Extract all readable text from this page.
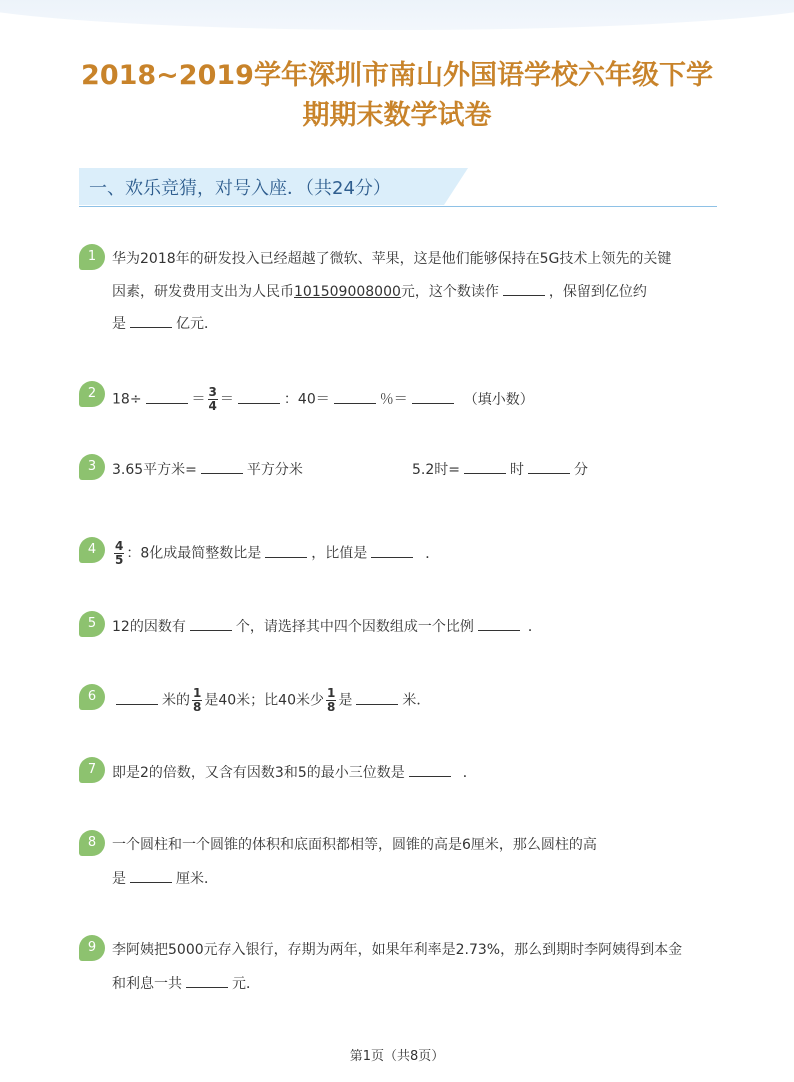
2018~2019学年深圳市南山外国语学校六年级下学
期期末数学试卷
一、欢乐竞猜，对号入座．（共24分）
1	华为2018年的研发投入已经超越了微软、苹果，这是他们能够保持在5G技术上领先的关键
因素，研发费用支出为人民币101509008000元，这个数读作	，保留到亿位约
是	亿元．
2	18÷	＝ $\frac{3}{4}$ ＝	：40＝	％＝	（填小数）
3	3.65平方米=	平方分米	5.2时=	时	分
4	$\frac{4}{5}$ ：8化成最简整数比是	，比值是	．
5	12的因数有	个，请选择其中四个因数组成一个比例	．
6	米的 $\frac{1}{8}$ 是40米；比40米少 $\frac{1}{8}$ 是	米．
7	即是2的倍数，又含有因数3和5的最小三位数是	．
8	一个圆柱和一个圆锥的体积和底面积都相等，圆锥的高是6厘米，那么圆柱的高
是	厘米．
9	李阿姨把5000元存入银行，存期为两年，如果年利率是2.73%，那么到期时李阿姨得到本金
和利息一共	元．
第1页（共8页）
